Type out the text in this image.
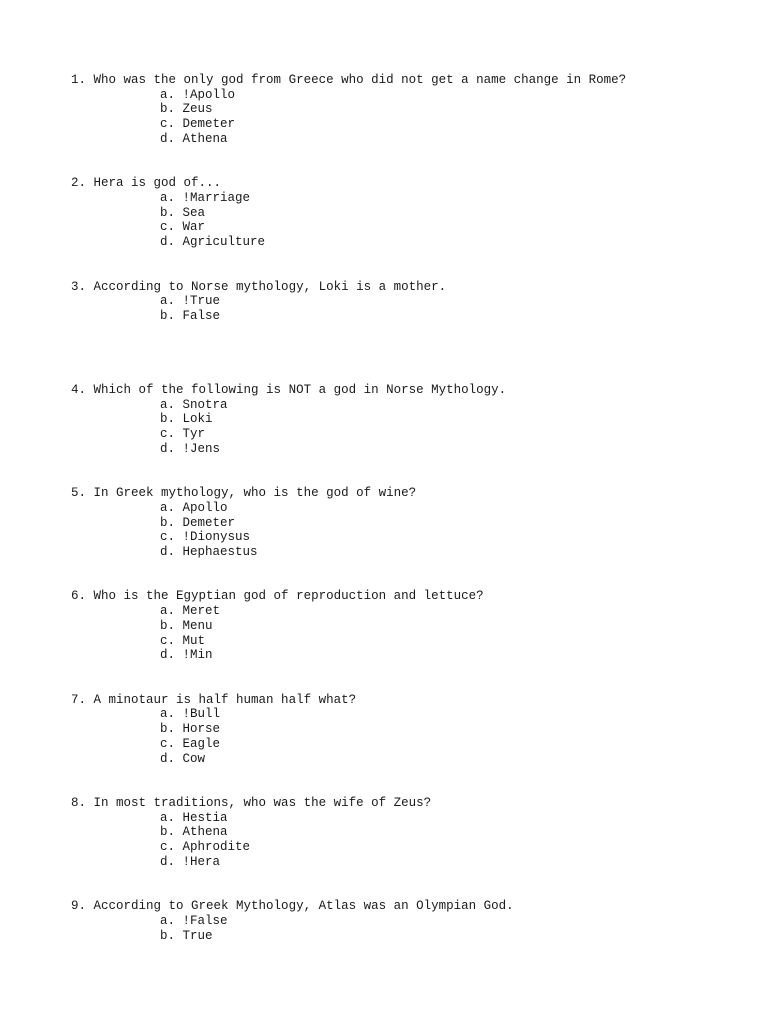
1. Who was the only god from Greece who did not get a name change in Rome?
a. !Apollo
b. Zeus
c. Demeter
d. Athena
2. Hera is god of...
a. !Marriage
b. Sea
c. War
d. Agriculture
3. According to Norse mythology, Loki is a mother.
a. !True
b. False
4. Which of the following is NOT a god in Norse Mythology.
a. Snotra
b. Loki
c. Tyr
d. !Jens
5. In Greek mythology, who is the god of wine?
a. Apollo
b. Demeter
c. !Dionysus
d. Hephaestus
6. Who is the Egyptian god of reproduction and lettuce?
a. Meret
b. Menu
c. Mut
d. !Min
7. A minotaur is half human half what?
a. !Bull
b. Horse
c. Eagle
d. Cow
8. In most traditions, who was the wife of Zeus?
a. Hestia
b. Athena
c. Aphrodite
d. !Hera
9. According to Greek Mythology, Atlas was an Olympian God.
a. !False
b. True
